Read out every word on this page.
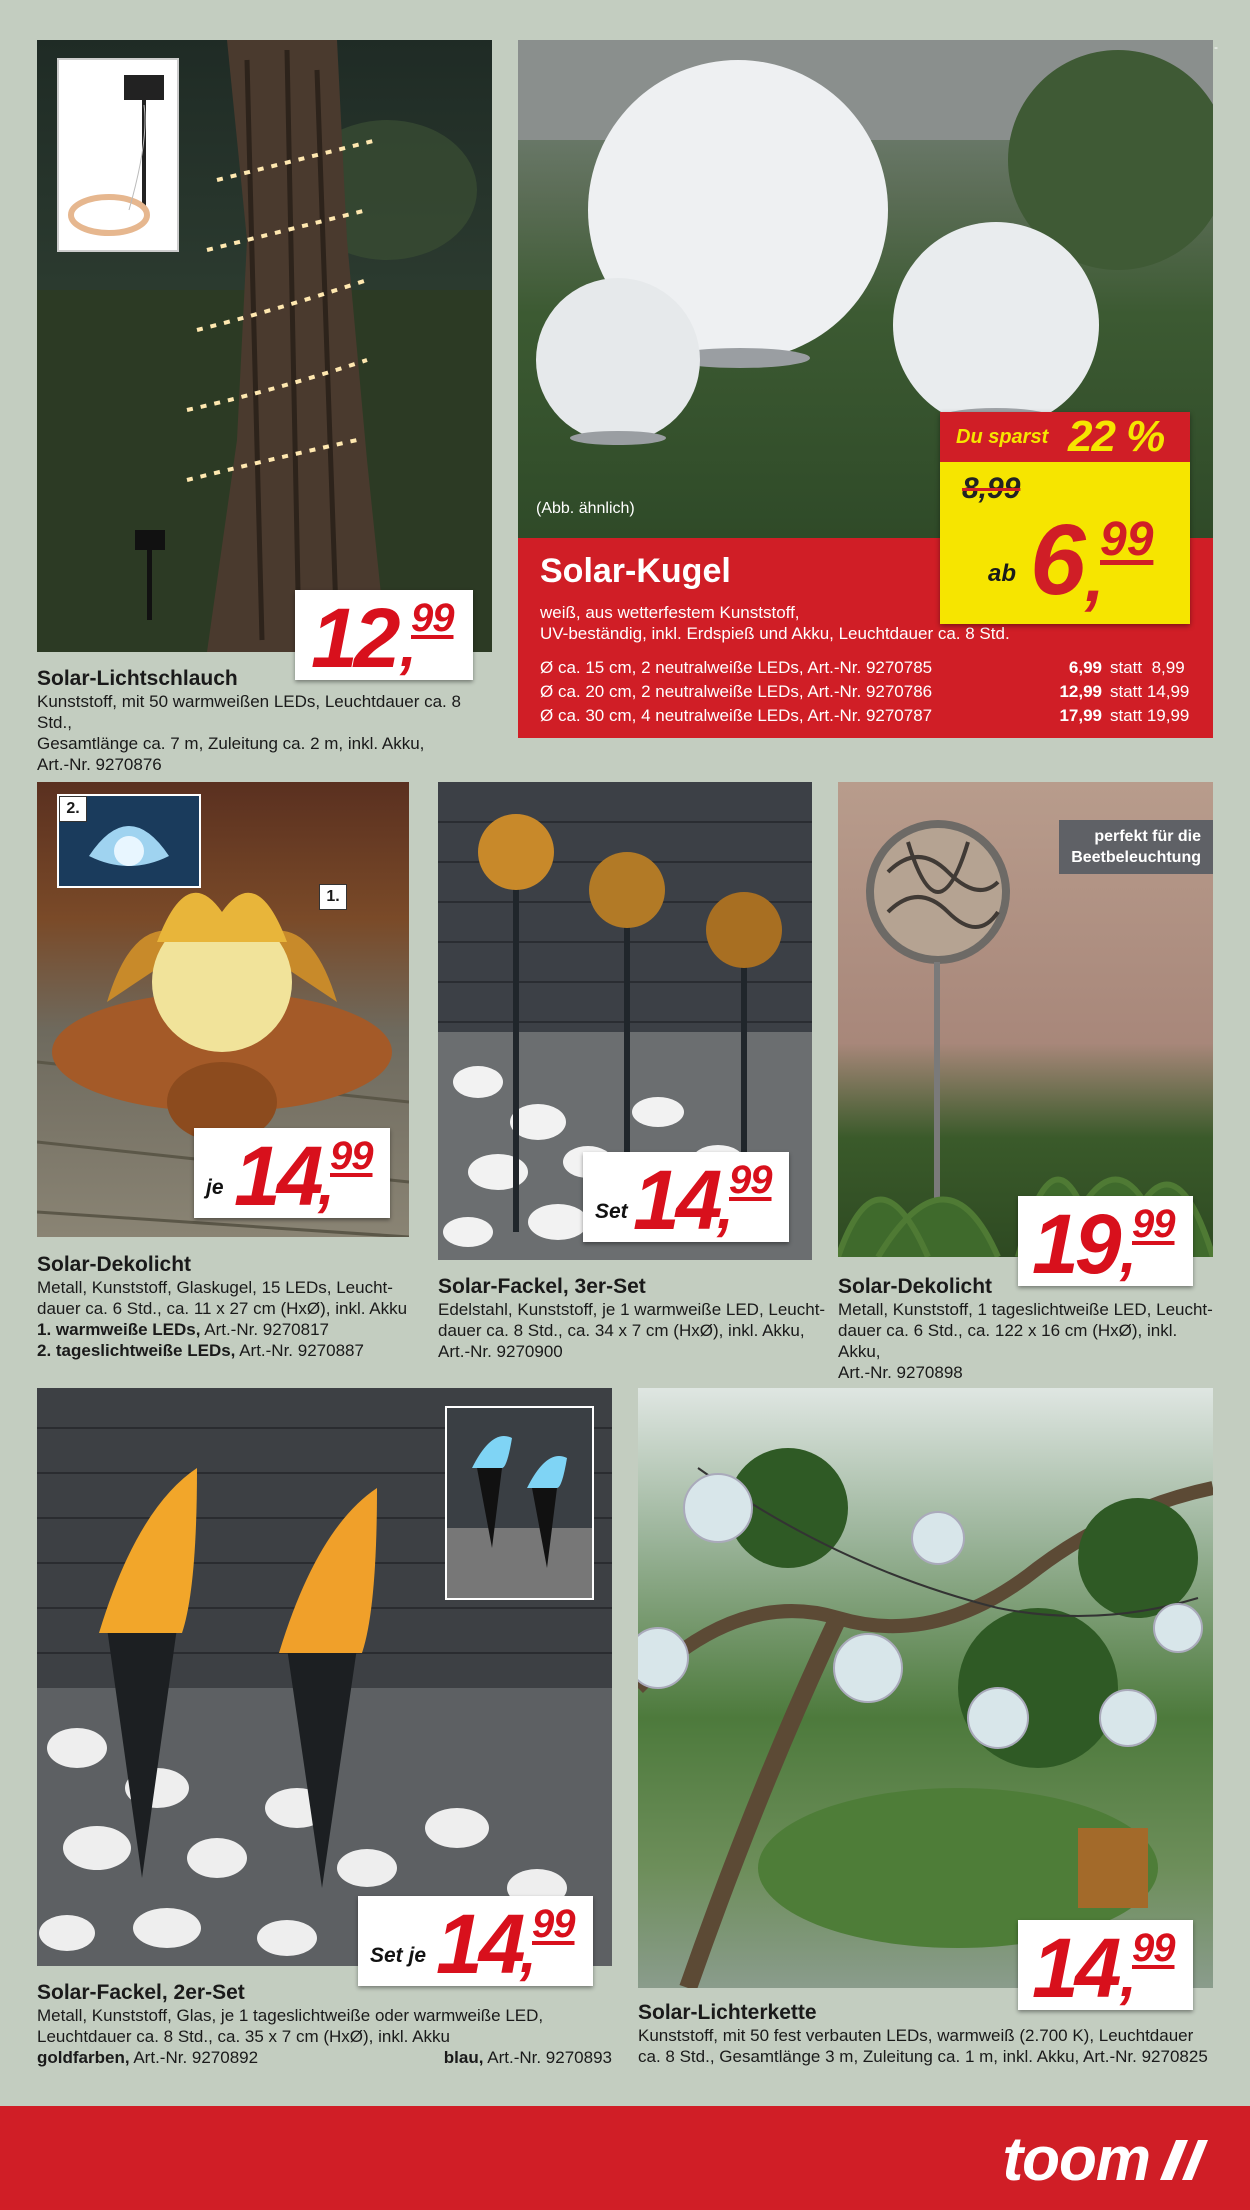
-
12 ,
99
Solar-Lichtschlauch
Kunststoff, mit 50 warmweißen LEDs, Leuchtdauer ca. 8 Std.,
Gesamtlänge ca. 7 m, Zuleitung ca. 2 m, inkl. Akku,
Art.-Nr. 9270876
(Abb. ähnlich)
Solar-Kugel
weiß, aus wetterfestem Kunststoff,
UV-beständig, inkl. Erdspieß und Akku, Leuchtdauer ca. 8 Std.
Ø ca. 15 cm, 2 neutralweiße LEDs, Art.-Nr. 9270785	6,99 statt  8,99
Ø ca. 20 cm, 2 neutralweiße LEDs, Art.-Nr. 9270786	12,99 statt 14,99
Ø ca. 30 cm, 4 neutralweiße LEDs, Art.-Nr. 9270787	17,99 statt 19,99
Du sparst 22 %
8,99
ab 6 ,
99
2.
1.
je 14
,
99
Solar-Dekolicht
Metall, Kunststoff, Glaskugel, 15 LEDs, Leucht-
dauer ca. 6 Std., ca. 11 x 27 cm (HxØ), inkl. Akku
1. warmweiße LEDs, Art.-Nr. 9270817
2. tageslichtweiße LEDs, Art.-Nr. 9270887
Set 14
,
99
Solar-Fackel, 3er-Set
Edelstahl, Kunststoff, je 1 warmweiße LED, Leucht-
dauer ca. 8 Std., ca. 34 x 7 cm (HxØ), inkl. Akku,
Art.-Nr. 9270900
perfekt für die
Beetbeleuchtung
19 ,
99
Solar-Dekolicht
Metall, Kunststoff, 1 tageslichtweiße LED, Leucht-
dauer ca. 6 Std., ca. 122 x 16 cm (HxØ), inkl. Akku,
Art.-Nr. 9270898
Set je 14
,
99
Solar-Fackel, 2er-Set
Metall, Kunststoff, Glas, je 1 tageslichtweiße oder warmweiße LED,
Leuchtdauer ca. 8 Std., ca. 35 x 7 cm (HxØ), inkl. Akku

goldfarben, Art.-Nr. 9270892	blau, Art.-Nr. 9270893
14 ,
99
Solar-Lichterkette
Kunststoff, mit 50 fest verbauten LEDs, warmweiß (2.700 K), Leuchtdauer
ca. 8 Std., Gesamtlänge 3 m, Zuleitung ca. 1 m, inkl. Akku, Art.-Nr. 9270825
toom
